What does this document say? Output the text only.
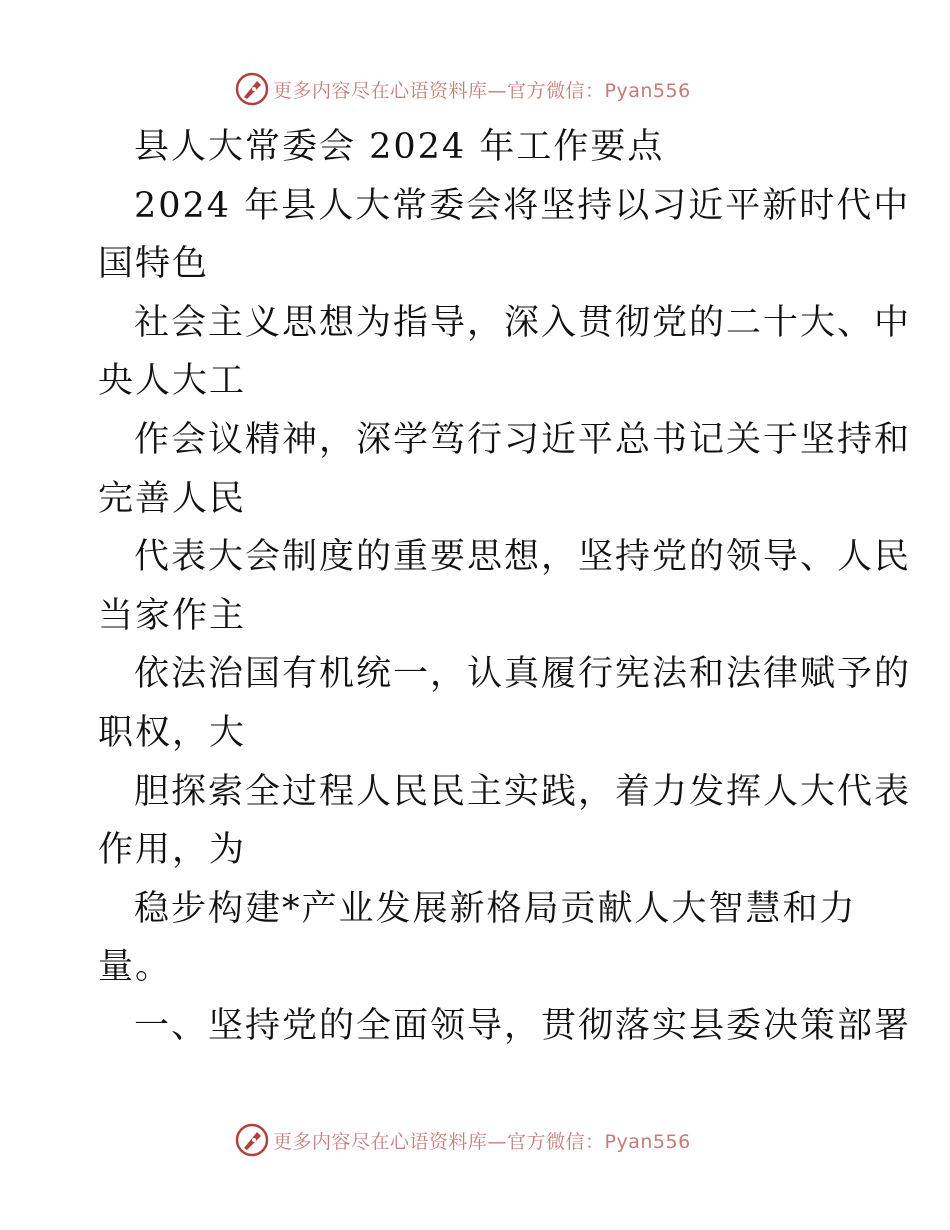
更多内容尽在心语资料库—官方微信：Pyan556
县人大常委会 2024 年工作要点
2024 年县人大常委会将坚持以习近平新时代中
国特色
社会主义思想为指导，深入贯彻党的二十大、中
央人大工
作会议精神，深学笃行习近平总书记关于坚持和
完善人民
代表大会制度的重要思想，坚持党的领导、人民
当家作主
依法治国有机统一，认真履行宪法和法律赋予的
职权，大
胆探索全过程人民民主实践，着力发挥人大代表
作用，为
稳步构建*产业发展新格局贡献人大智慧和力
量。
一、坚持党的全面领导，贯彻落实县委决策部署
更多内容尽在心语资料库—官方微信：Pyan556
